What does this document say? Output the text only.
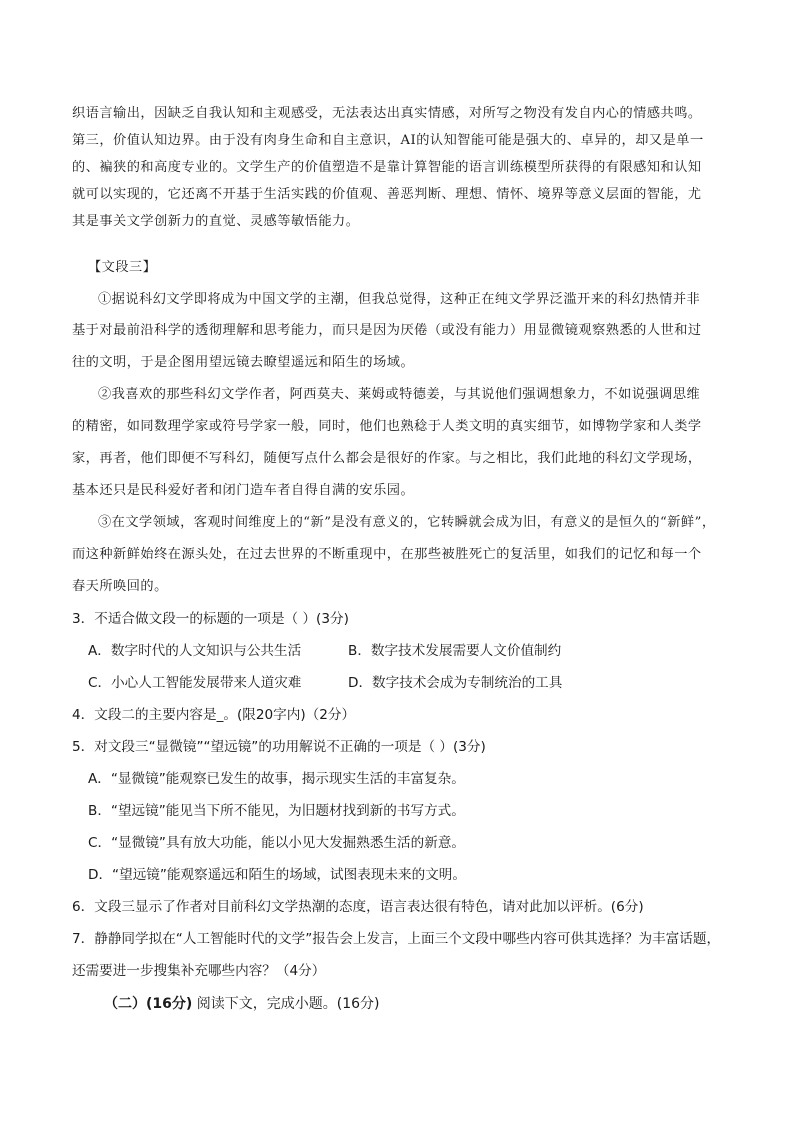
织语言输出，因缺乏自我认知和主观感受，无法表达出真实情感，对所写之物没有发自内心的情感共鸣。
第三，价值认知边界。由于没有肉身生命和自主意识，AI的认知智能可能是强大的、卓异的，却又是单一
的、褊狭的和高度专业的。文学生产的价值塑造不是靠计算智能的语言训练模型所获得的有限感知和认知
就可以实现的，它还离不开基于生活实践的价值观、善恶判断、理想、情怀、境界等意义层面的智能，尤
其是事关文学创新力的直觉、灵感等敏悟能力。
【文段三】
①据说科幻文学即将成为中国文学的主潮，但我总觉得，这种正在纯文学界泛滥开来的科幻热情并非
基于对最前沿科学的透彻理解和思考能力，而只是因为厌倦（或没有能力）用显微镜观察熟悉的人世和过
往的文明，于是企图用望远镜去瞭望遥远和陌生的场域。
②我喜欢的那些科幻文学作者，阿西莫夫、莱姆或特德姜，与其说他们强调想象力，不如说强调思维
的精密，如同数理学家或符号学家一般，同时，他们也熟稔于人类文明的真实细节，如博物学家和人类学
家，再者，他们即便不写科幻，随便写点什么都会是很好的作家。与之相比，我们此地的科幻文学现场，
基本还只是民科爱好者和闭门造车者自得自满的安乐园。
③在文学领域，客观时间维度上的“新”是没有意义的，它转瞬就会成为旧，有意义的是恒久的“新鲜”，
而这种新鲜始终在源头处，在过去世界的不断重现中，在那些被胜死亡的复活里，如我们的记忆和每一个
春天所唤回的。
3．不适合做文段一的标题的一项是（ ）(3分)
A．数字时代的人文知识与公共生活	B．数字技术发展需要人文价值制约
C．小心人工智能发展带来人道灾难	D．数字技术会成为专制统治的工具
4．文段二的主要内容是_。(限20字内)（2分）
5．对文段三“显微镜”“望远镜”的功用解说不正确的一项是（ ）(3分)
A．“显微镜”能观察已发生的故事，揭示现实生活的丰富复杂。
B．“望远镜”能见当下所不能见，为旧题材找到新的书写方式。
C．“显微镜”具有放大功能，能以小见大发掘熟悉生活的新意。
D．“望远镜”能观察遥远和陌生的场域，试图表现未来的文明。
6．文段三显示了作者对目前科幻文学热潮的态度，语言表达很有特色，请对此加以评析。(6分)
7．静静同学拟在“人工智能时代的文学”报告会上发言，上面三个文段中哪些内容可供其选择？为丰富话题，
还需要进一步搜集补充哪些内容？（4分）
（二）(16分) 阅读下文，完成小题。(16分)
